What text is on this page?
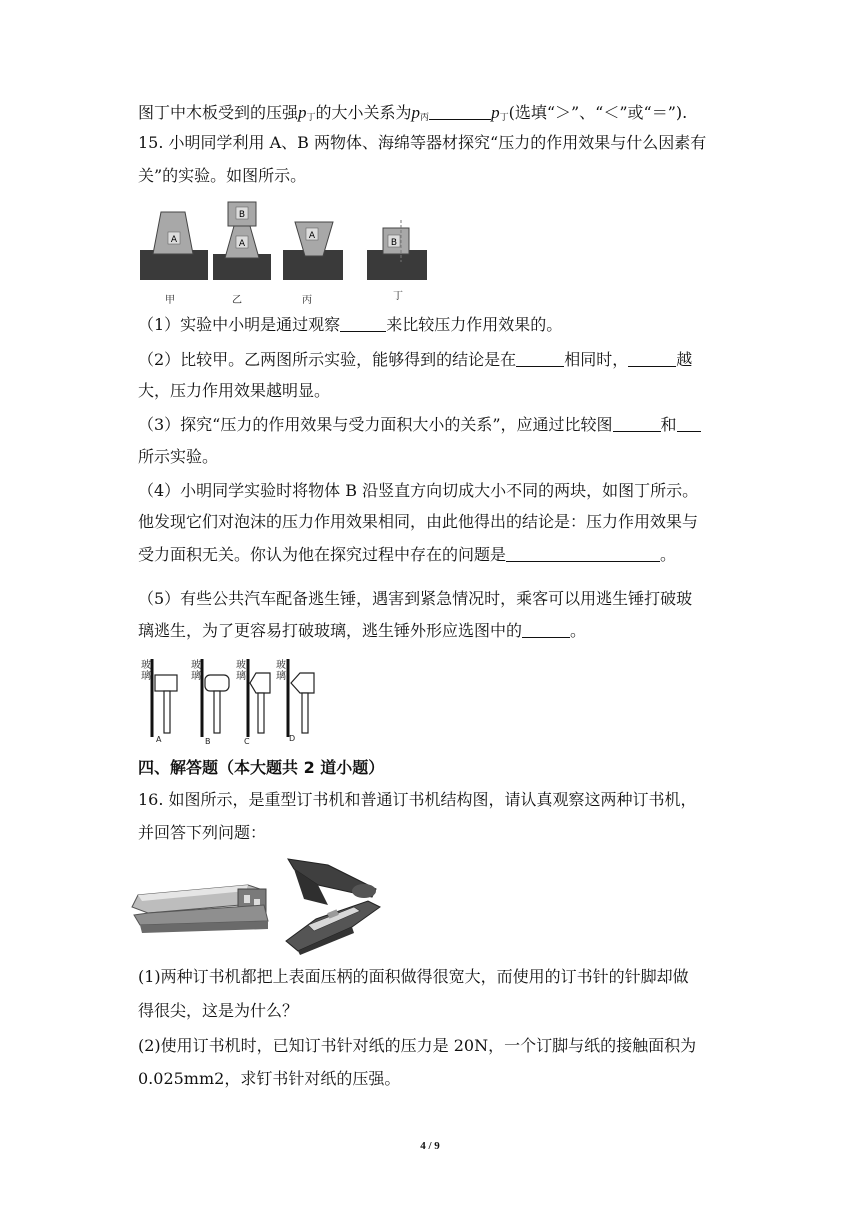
图丁中木板受到的压强$p_丁$的大小关系为$p_丙$	$p_丁$(选填“＞”、“＜”或“＝”).
15. 小明同学利用 A、B 两物体、海绵等器材探究“压力的作用效果与什么因素有
关”的实验。如图所示。
A	A
B
A
B
甲	乙	丙	丁
（1）实验中小明是通过观察	来比较压力作用效果的。
（2）比较甲。乙两图所示实验，能够得到的结论是在	相同时，	越
大，压力作用效果越明显。
（3）探究“压力的作用效果与受力面积大小的关系”，应通过比较图	和
所示实验。
（4）小明同学实验时将物体 B 沿竖直方向切成大小不同的两块，如图丁所示。
他发现它们对泡沫的压力作用效果相同，由此他得出的结论是：压力作用效果与
受力面积无关。你认为他在探究过程中存在的问题是	。
（5）有些公共汽车配备逃生锤，遇害到紧急情况时，乘客可以用逃生锤打破玻
璃逃生，为了更容易打破玻璃，逃生锤外形应选图中的	。
玻璃
玻璃
玻璃
玻璃
A	B	C	D
四、解答题（本大题共 2 道小题）
16. 如图所示，是重型订书机和普通订书机结构图，请认真观察这两种订书机，
并回答下列问题：
(1)两种订书机都把上表面压柄的面积做得很宽大，而使用的订书针的针脚却做
得很尖，这是为什么？
(2)使用订书机时，已知订书针对纸的压力是 20N，一个订脚与纸的接触面积为
0.025mm2，求钉书针对纸的压强。
4 / 9
